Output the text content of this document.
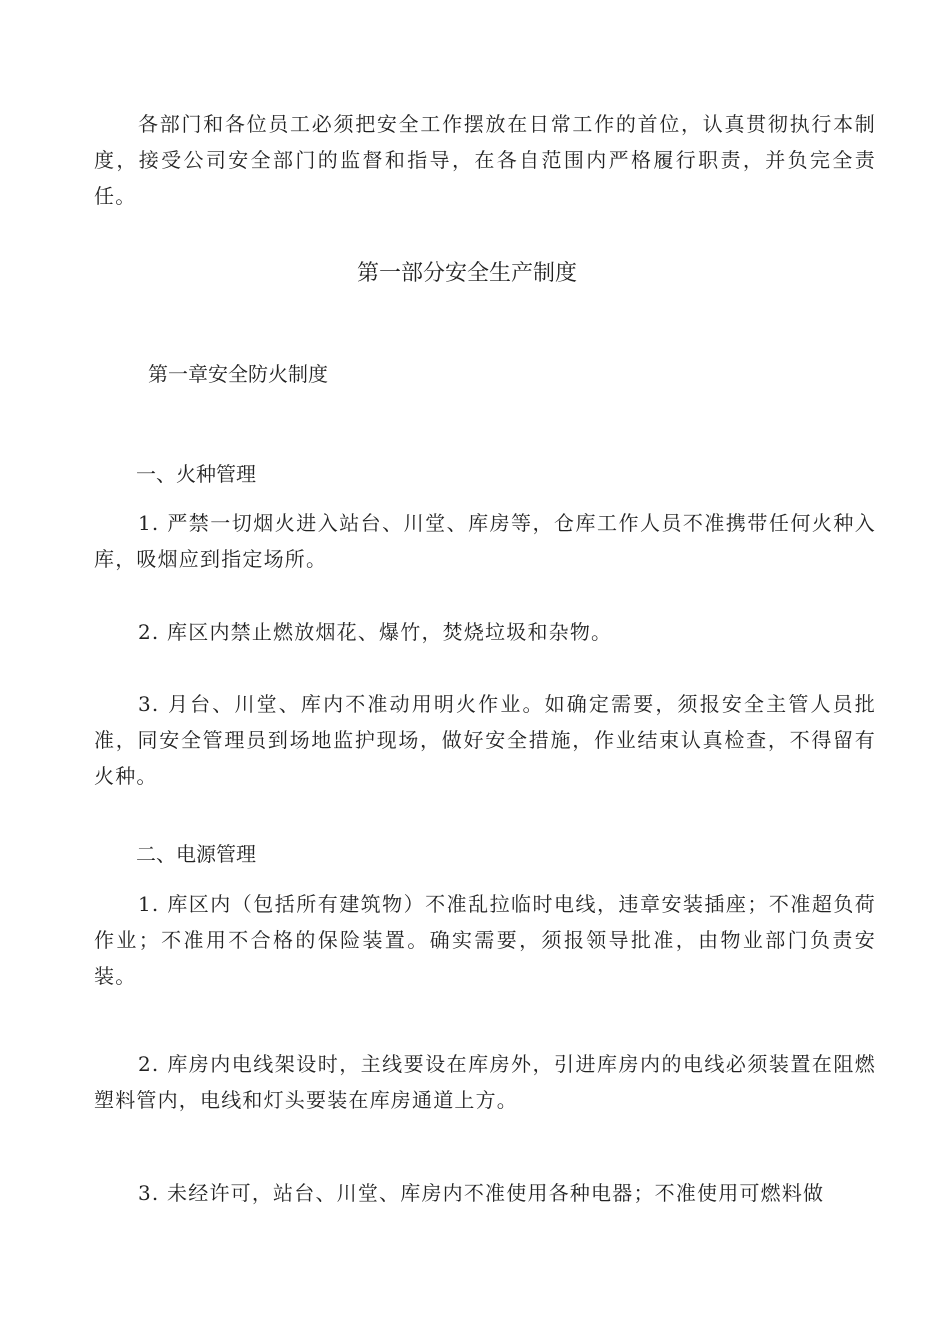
各部门和各位员工必须把安全工作摆放在日常工作的首位，认真贯彻执行本制度，接受公司安全部门的监督和指导，在各自范围内严格履行职责，并负完全责任。

第一部分安全生产制度
第一章安全防火制度
一、火种管理

1. 严禁一切烟火进入站台、川堂、库房等，仓库工作人员不准携带任何火种入库，吸烟应到指定场所。

2. 库区内禁止燃放烟花、爆竹，焚烧垃圾和杂物。

3. 月台、川堂、库内不准动用明火作业。如确定需要，须报安全主管人员批准，同安全管理员到场地监护现场，做好安全措施，作业结束认真检查，不得留有火种。

二、电源管理

1. 库区内（包括所有建筑物）不准乱拉临时电线，违章安装插座；不准超负荷作业；不准用不合格的保险装置。确实需要，须报领导批准，由物业部门负责安装。

2. 库房内电线架设时，主线要设在库房外，引进库房内的电线必须装置在阻燃塑料管内，电线和灯头要装在库房通道上方。

3. 未经许可，站台、川堂、库房内不准使用各种电器；不准使用可燃料做
